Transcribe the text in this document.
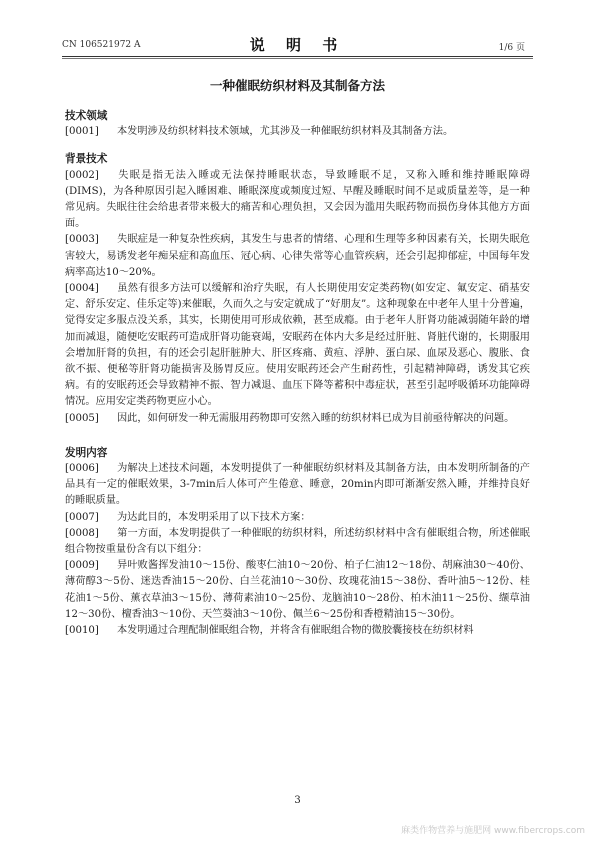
CN 106521972 A	说 明 书	1/6 页
一种催眠纺织材料及其制备方法

技术领域

[0001] 本发明涉及纺织材料技术领域，尤其涉及一种催眠纺织材料及其制备方法。

背景技术

[0002] 失眠是指无法入睡或无法保持睡眠状态，导致睡眠不足，又称入睡和维持睡眠障碍(DIMS)，为各种原因引起入睡困难、睡眠深度或频度过短、早醒及睡眠时间不足或质量差等，是一种常见病。失眠往往会给患者带来极大的痛苦和心理负担，又会因为滥用失眠药物而损伤身体其他方方面面。

[0003] 失眠症是一种复杂性疾病，其发生与患者的情绪、心理和生理等多种因素有关，长期失眠危害较大，易诱发老年痴呆症和高血压、冠心病、心律失常等心血管疾病，还会引起抑郁症，中国每年发病率高达10～20%。

[0004] 虽然有很多方法可以缓解和治疗失眠，有人长期使用安定类药物(如安定、氟安定、硝基安定、舒乐安定、佳乐定等)来催眠，久而久之与安定就成了“好朋友”。这种现象在中老年人里十分普遍，觉得安定多服点没关系，其实，长期使用可形成依赖，甚至成瘾。由于老年人肝肾功能减弱随年龄的增加而减退，随便吃安眠药可造成肝肾功能衰竭，安眠药在体内大多是经过肝脏、肾脏代谢的，长期服用会增加肝肾的负担，有的还会引起肝脏肿大、肝区疼痛、黄疸、浮肿、蛋白尿、血尿及恶心、腹胀、食欲不振、便秘等肝肾功能损害及肠胃反应。使用安眠药还会产生耐药性，引起精神障碍，诱发其它疾病。有的安眠药还会导致精神不振、智力减退、血压下降等蓄积中毒症状，甚至引起呼吸循环功能障碍情况。应用安定类药物更应小心。

[0005] 因此，如何研发一种无需服用药物即可安然入睡的纺织材料已成为目前亟待解决的问题。

发明内容

[0006] 为解决上述技术问题，本发明提供了一种催眠纺织材料及其制备方法，由本发明所制备的产品具有一定的催眠效果，3-7min后人体可产生倦意、睡意，20min内即可渐渐安然入睡，并维持良好的睡眠质量。

[0007] 为达此目的，本发明采用了以下技术方案：

[0008] 第一方面，本发明提供了一种催眠的纺织材料，所述纺织材料中含有催眠组合物，所述催眠组合物按重量份含有以下组分：

[0009] 异叶败酱挥发油10～15份、酸枣仁油10～20份、柏子仁油12～18份、胡麻油30～40份、薄荷醇3～5份、迷迭香油15～20份、白兰花油10～30份、玫瑰花油15～38份、香叶油5～12份、桂花油1～5份、薰衣草油3～15份、薄荷素油10～25份、龙脑油10～28份、柏木油11～25份、缬草油12～30份、檀香油3～10份、天竺葵油3～10份、佩兰6～25份和香橙精油15～30份。

[0010] 本发明通过合理配制催眠组合物，并将含有催眠组合物的微胶囊接枝在纺织材料

3
麻类作物营养与施肥网 www.fibercrops.com
